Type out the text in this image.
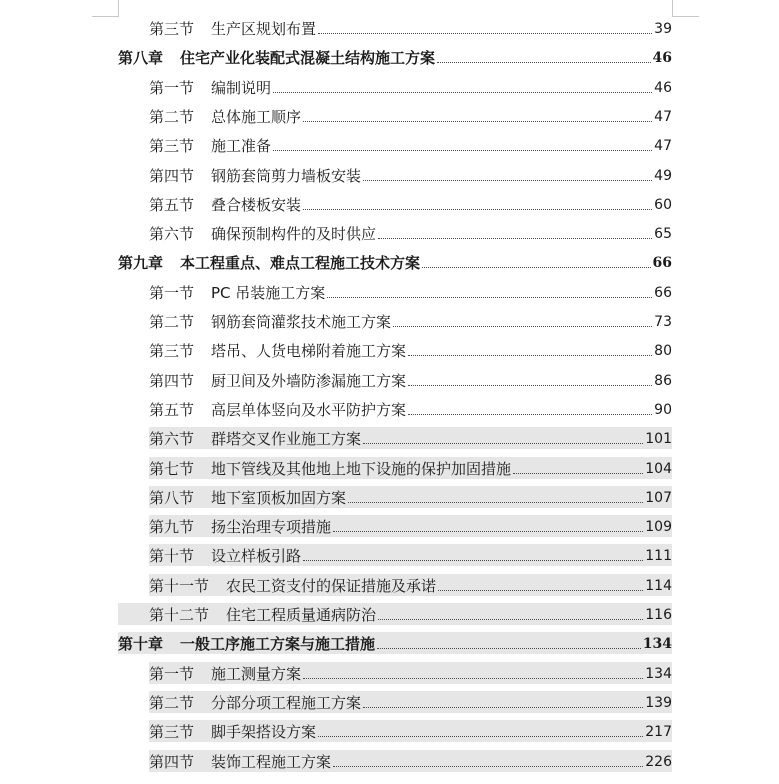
第三节 生产区规划布置	39
第八章 住宅产业化装配式混凝土结构施工方案	46
第一节 编制说明	46
第二节 总体施工顺序	47
第三节 施工准备	47
第四节 钢筋套筒剪力墙板安装	49
第五节 叠合楼板安装	60
第六节 确保预制构件的及时供应	65
第九章 本工程重点、难点工程施工技术方案	66
第一节 PC 吊装施工方案	66
第二节 钢筋套筒灌浆技术施工方案	73
第三节 塔吊、人货电梯附着施工方案	80
第四节 厨卫间及外墙防渗漏施工方案	86
第五节 高层单体竖向及水平防护方案	90
第六节 群塔交叉作业施工方案	101
第七节 地下管线及其他地上地下设施的保护加固措施	104
第八节 地下室顶板加固方案	107
第九节 扬尘治理专项措施	109
第十节 设立样板引路	111
第十一节 农民工资支付的保证措施及承诺	114
第十二节 住宅工程质量通病防治	116
第十章 一般工序施工方案与施工措施	134
第一节 施工测量方案	134
第二节 分部分项工程施工方案	139
第三节 脚手架搭设方案	217
第四节 装饰工程施工方案	226
